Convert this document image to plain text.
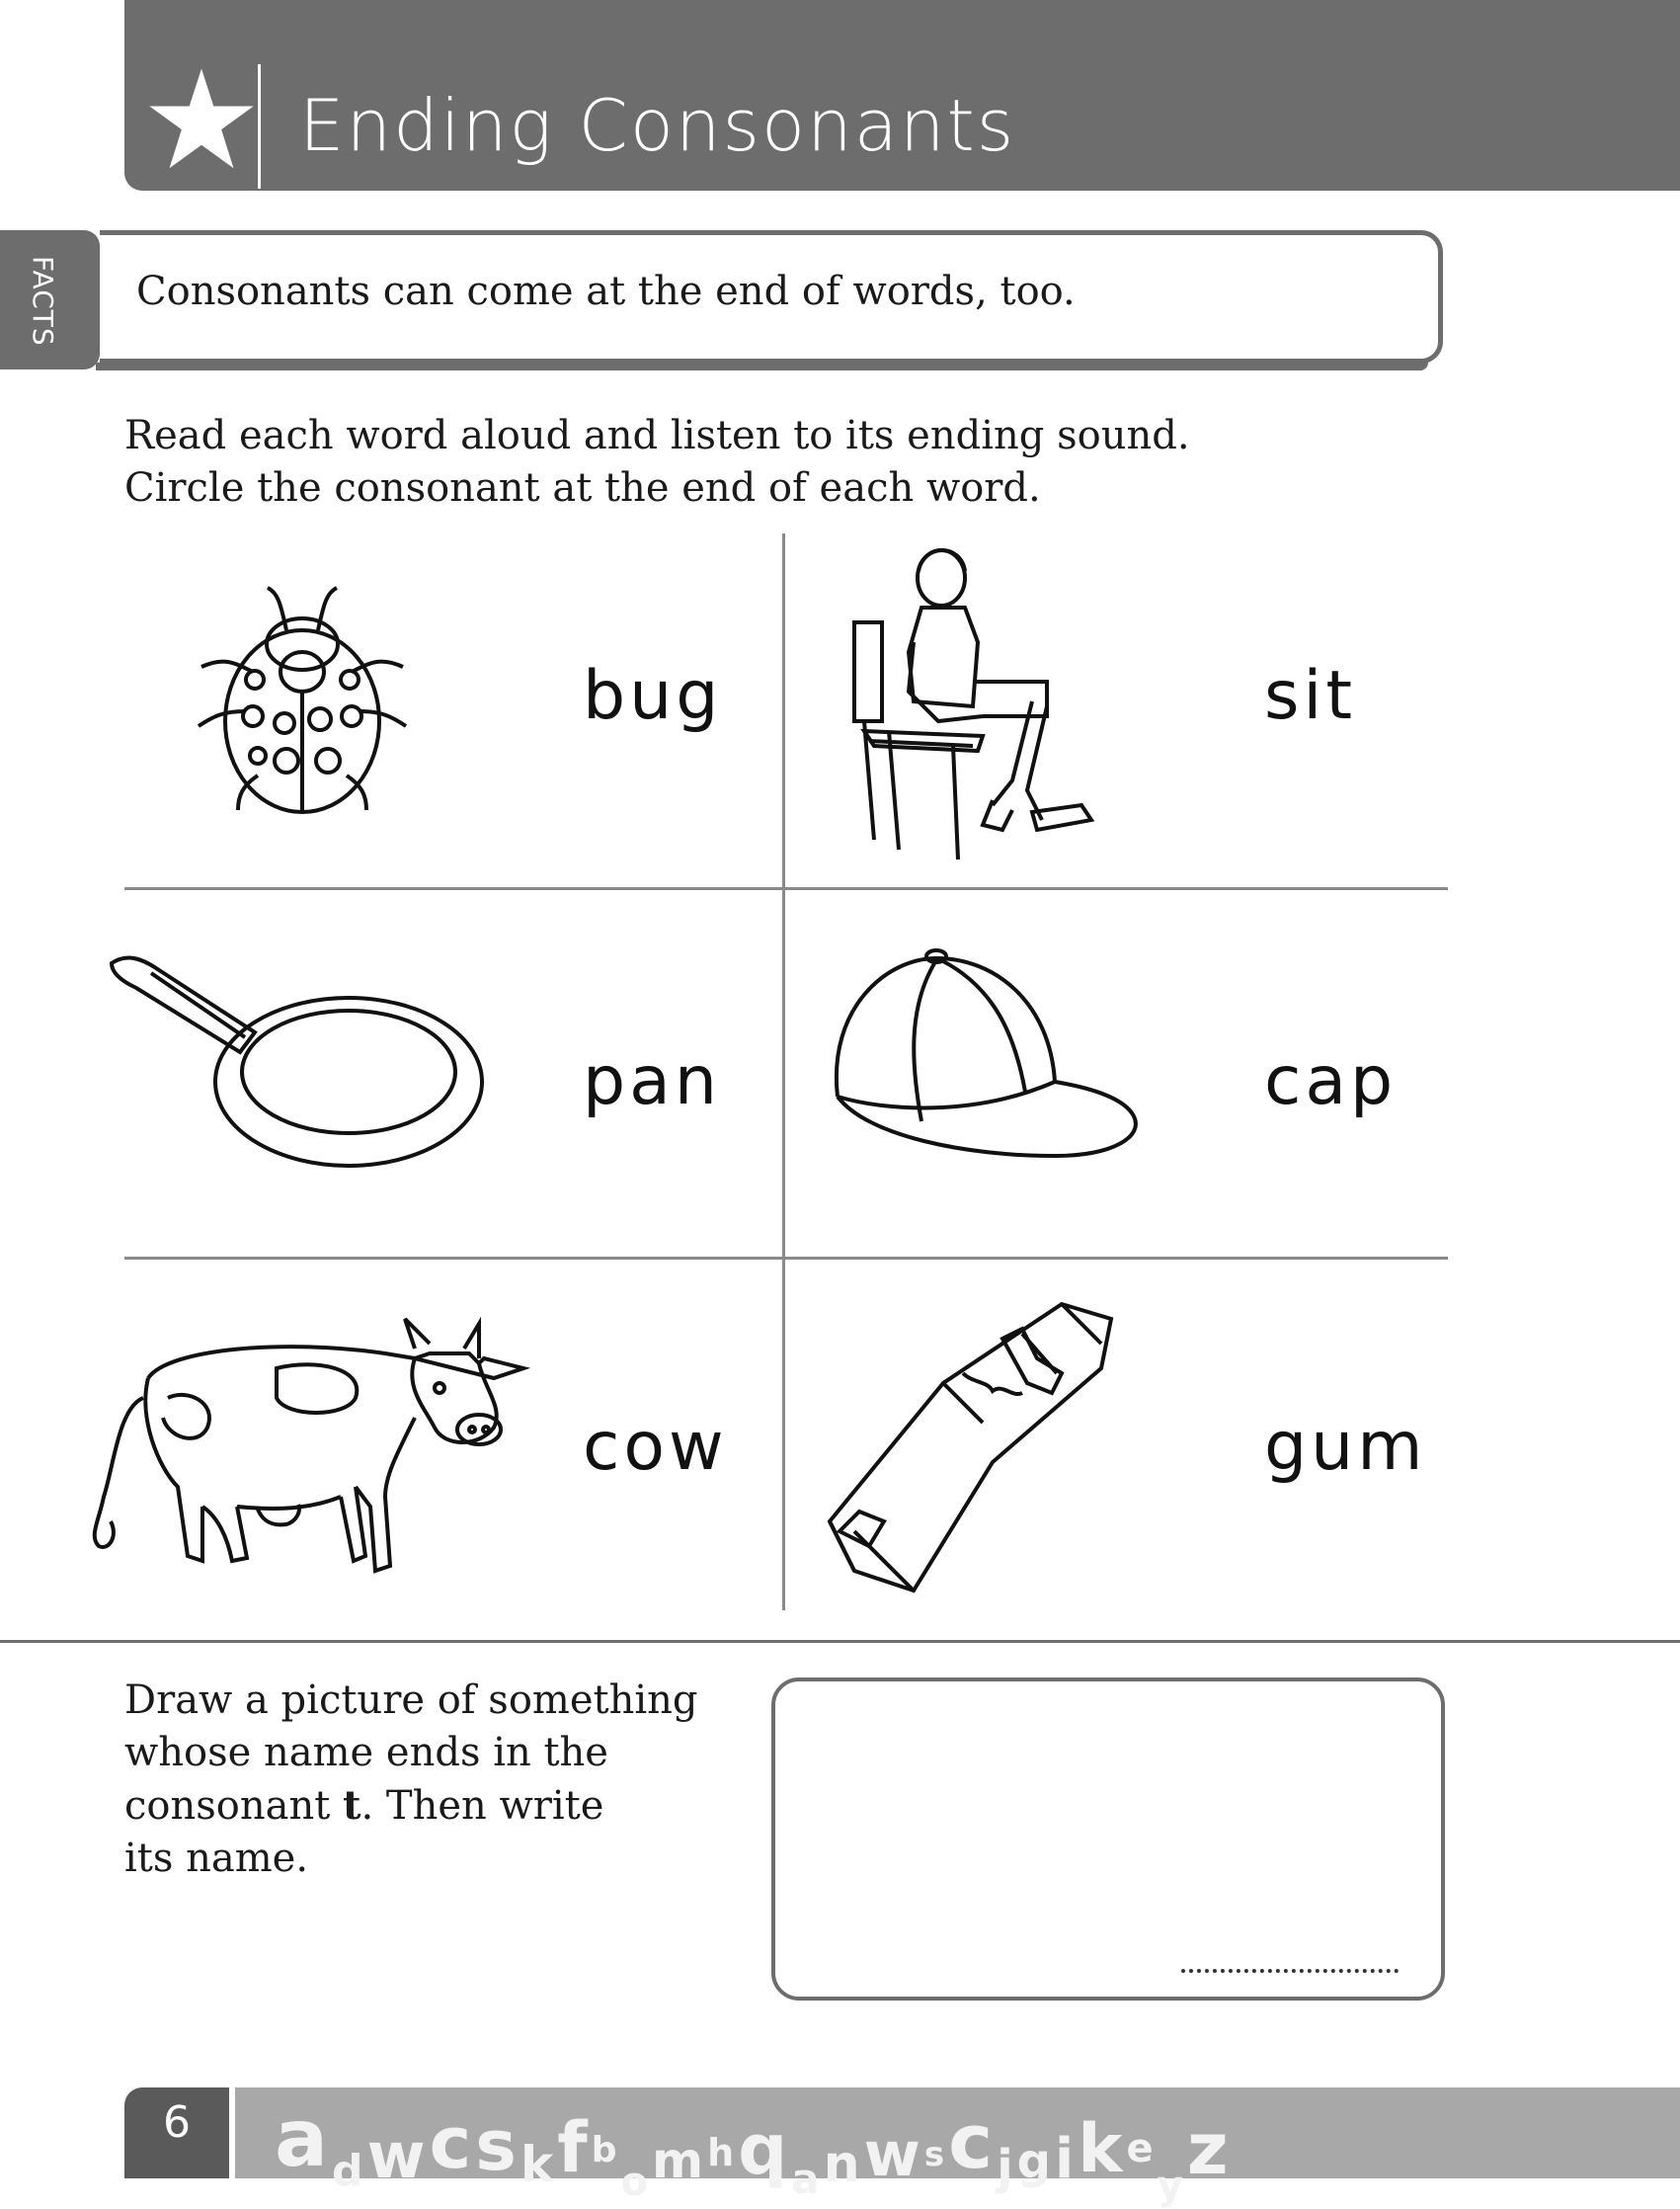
Ending Consonants
FACTS Consonants can come at the end of words, too.
Read each word aloud and listen to its ending sound.
Circle the consonant at the end of each word.
bug	sit
pan	cap
cow	gum
Draw a picture of something
whose name ends in the
consonant t. Then write
its name.
6	adwcskf bom hqanw scjgik eyz
